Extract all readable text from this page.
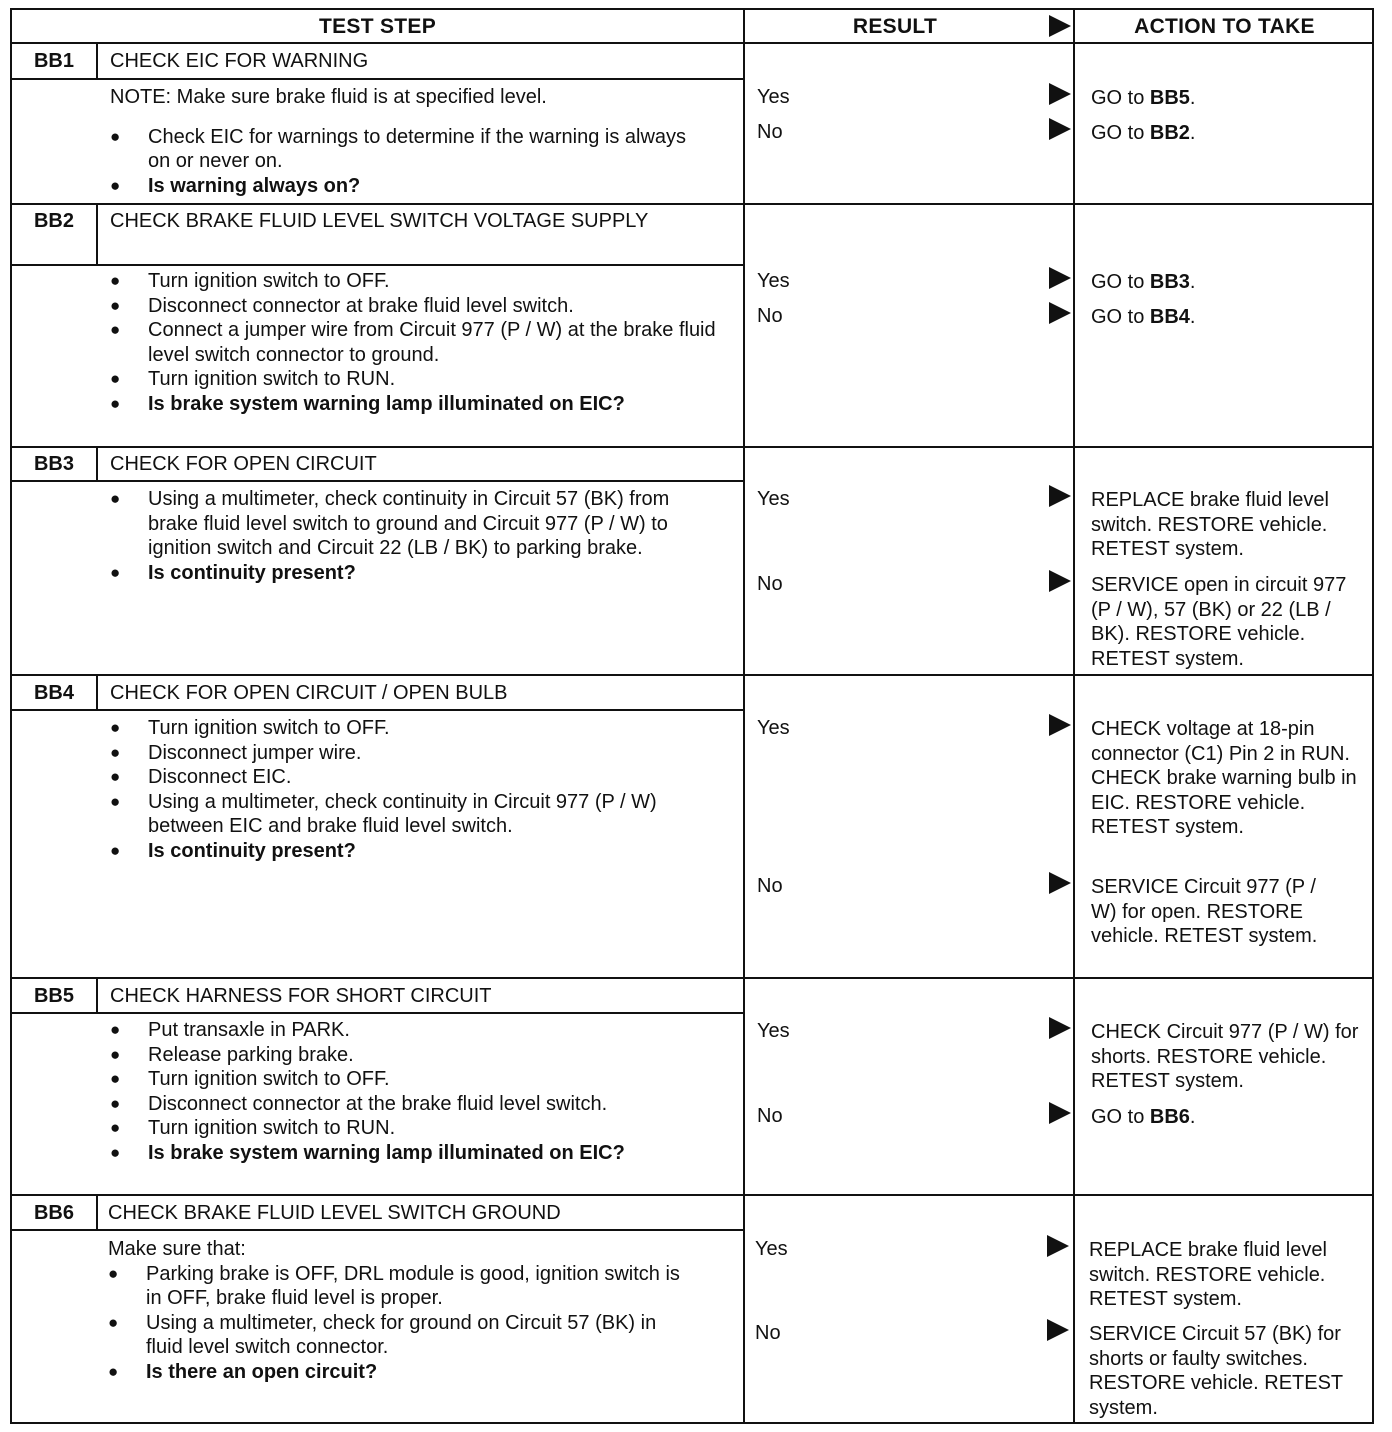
TEST STEP	RESULT	ACTION TO TAKE
BB1	CHECK EIC FOR WARNING
NOTE: Make sure brake fluid is at specified level.
● Check EIC for warnings to determine if the warning is always on or never on.
● Is warning always on?
Yes	GO to BB5.
No	GO to BB2.
BB2	CHECK BRAKE FLUID LEVEL SWITCH VOLTAGE SUPPLY
● Turn ignition switch to OFF.
● Disconnect connector at brake fluid level switch.
● Connect a jumper wire from Circuit 977 (P / W) at the brake fluid level switch connector to ground.
● Turn ignition switch to RUN.
● Is brake system warning lamp illuminated on EIC?
Yes	GO to BB3.
No	GO to BB4.
BB3	CHECK FOR OPEN CIRCUIT
● Using a multimeter, check continuity in Circuit 57 (BK) from brake fluid level switch to ground and Circuit 977 (P / W) to ignition switch and Circuit 22 (LB / BK) to parking brake.
● Is continuity present?
Yes	REPLACE brake fluid level switch. RESTORE vehicle. RETEST system.
No	SERVICE open in circuit 977 (P / W), 57 (BK) or 22 (LB / BK). RESTORE vehicle. RETEST system.
BB4	CHECK FOR OPEN CIRCUIT / OPEN BULB
● Turn ignition switch to OFF.
● Disconnect jumper wire.
● Disconnect EIC.
● Using a multimeter, check continuity in Circuit 977 (P / W) between EIC and brake fluid level switch.
● Is continuity present?
Yes	CHECK voltage at 18-pin connector (C1) Pin 2 in RUN. CHECK brake warning bulb in EIC. RESTORE vehicle. RETEST system.
No	SERVICE Circuit 977 (P / W) for open. RESTORE vehicle. RETEST system.
BB5	CHECK HARNESS FOR SHORT CIRCUIT
● Put transaxle in PARK.
● Release parking brake.
● Turn ignition switch to OFF.
● Disconnect connector at the brake fluid level switch.
● Turn ignition switch to RUN.
● Is brake system warning lamp illuminated on EIC?
Yes	CHECK Circuit 977 (P / W) for shorts. RESTORE vehicle. RETEST system.
No	GO to BB6.
BB6	CHECK BRAKE FLUID LEVEL SWITCH GROUND
Make sure that:
● Parking brake is OFF, DRL module is good, ignition switch is in OFF, brake fluid level is proper.
● Using a multimeter, check for ground on Circuit 57 (BK) in fluid level switch connector.
● Is there an open circuit?
Yes	REPLACE brake fluid level switch. RESTORE vehicle. RETEST system.
No	SERVICE Circuit 57 (BK) for shorts or faulty switches. RESTORE vehicle. RETEST system.
